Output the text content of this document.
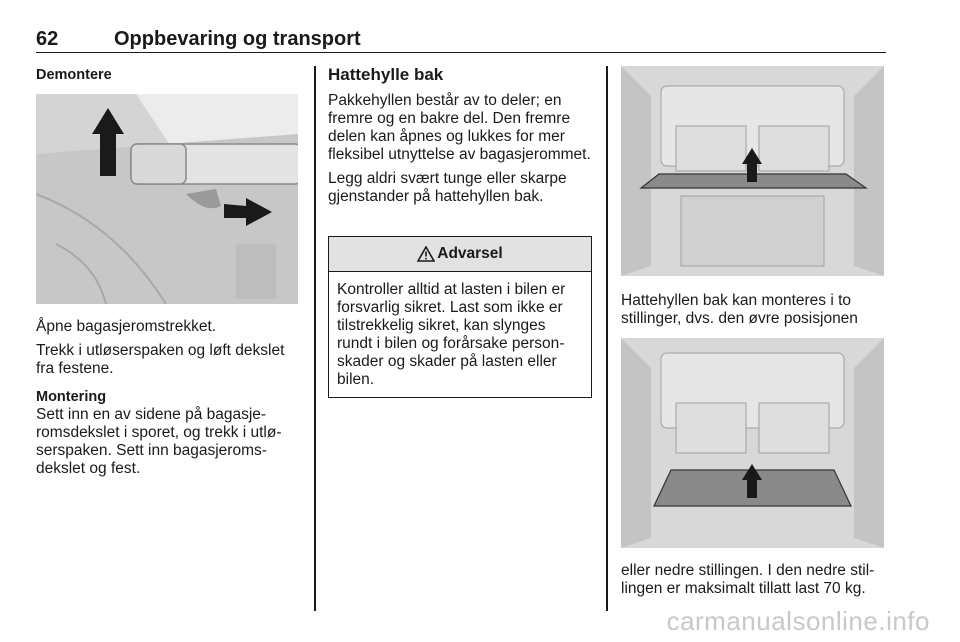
62	Oppbevaring og transport
Demontere

Åpne bagasjeromstrekket.

Trekk i utløserspaken og løft dekslet fra festene.

Montering

Sett inn en av sidene på bagasjeromsdekslet i sporet, og trekk i utløserspaken. Sett inn bagasjeromsdekslet og fest.

Hattehylle bak

Pakkehyllen består av to deler; en fremre og en bakre del. Den fremre delen kan åpnes og lukkes for mer fleksibel utnyttelse av bagasjerommet.

Legg aldri svært tunge eller skarpe gjenstander på hattehyllen bak.

Advarsel
Kontroller alltid at lasten i bilen er forsvarlig sikret. Last som ikke er tilstrekkelig sikret, kan slynges rundt i bilen og forårsake personskader og skader på lasten eller bilen.

Hattehyllen bak kan monteres i to stillinger, dvs. den øvre posisjonen

eller nedre stillingen. I den nedre stillingen er maksimalt tillatt last 70 kg.

carmanualsonline.info
